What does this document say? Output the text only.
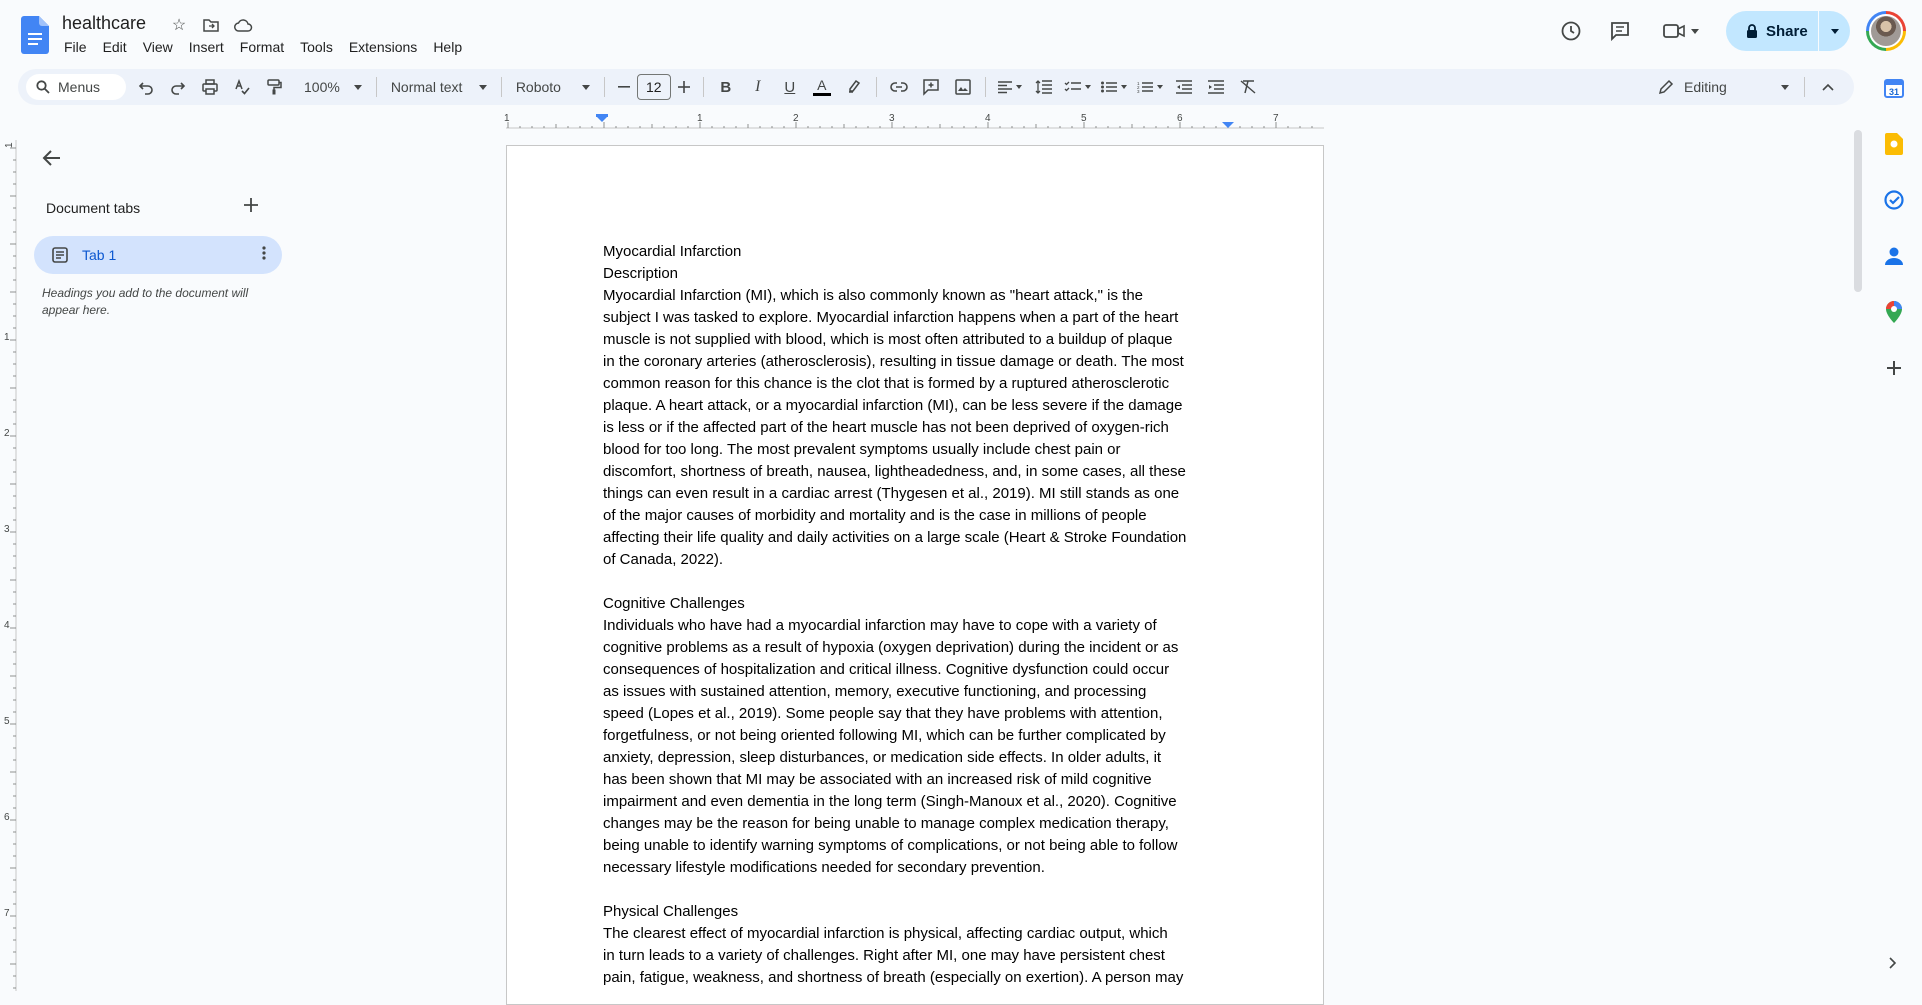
healthcare ☆
File	Edit	View	Insert	Format	Tools	Extensions	Help
Share
Menus	100%	Normal text	Roboto	12	B	I	U	A	1
2
3	Editing
1	1	2	3	4	5	6	7
1
1
2
3
4
5
6
7
Document tabs
Tab 1
Headings you add to the document will appear here.
Myocardial Infarction
Description
Myocardial Infarction (MI), which is also commonly known as "heart attack," is the
subject I was tasked to explore. Myocardial infarction happens when a part of the heart
muscle is not supplied with blood, which is most often attributed to a buildup of plaque
in the coronary arteries (atherosclerosis), resulting in tissue damage or death. The most
common reason for this chance is the clot that is formed by a ruptured atherosclerotic
plaque. A heart attack, or a myocardial infarction (MI), can be less severe if the damage
is less or if the affected part of the heart muscle has not been deprived of oxygen-rich
blood for too long. The most prevalent symptoms usually include chest pain or
discomfort, shortness of breath, nausea, lightheadedness, and, in some cases, all these
things can even result in a cardiac arrest (Thygesen et al., 2019). MI still stands as one
of the major causes of morbidity and mortality and is the case in millions of people
affecting their life quality and daily activities on a large scale (Heart & Stroke Foundation
of Canada, 2022).
Cognitive Challenges
Individuals who have had a myocardial infarction may have to cope with a variety of
cognitive problems as a result of hypoxia (oxygen deprivation) during the incident or as
consequences of hospitalization and critical illness. Cognitive dysfunction could occur
as issues with sustained attention, memory, executive functioning, and processing
speed (Lopes et al., 2019). Some people say that they have problems with attention,
forgetfulness, or not being oriented following MI, which can be further complicated by
anxiety, depression, sleep disturbances, or medication side effects. In older adults, it
has been shown that MI may be associated with an increased risk of mild cognitive
impairment and even dementia in the long term (Singh-Manoux et al., 2020). Cognitive
changes may be the reason for being unable to manage complex medication therapy,
being unable to identify warning symptoms of complications, or not being able to follow
necessary lifestyle modifications needed for secondary prevention.
Physical Challenges
The clearest effect of myocardial infarction is physical, affecting cardiac output, which
in turn leads to a variety of challenges. Right after MI, one may have persistent chest
pain, fatigue, weakness, and shortness of breath (especially on exertion). A person may
31
